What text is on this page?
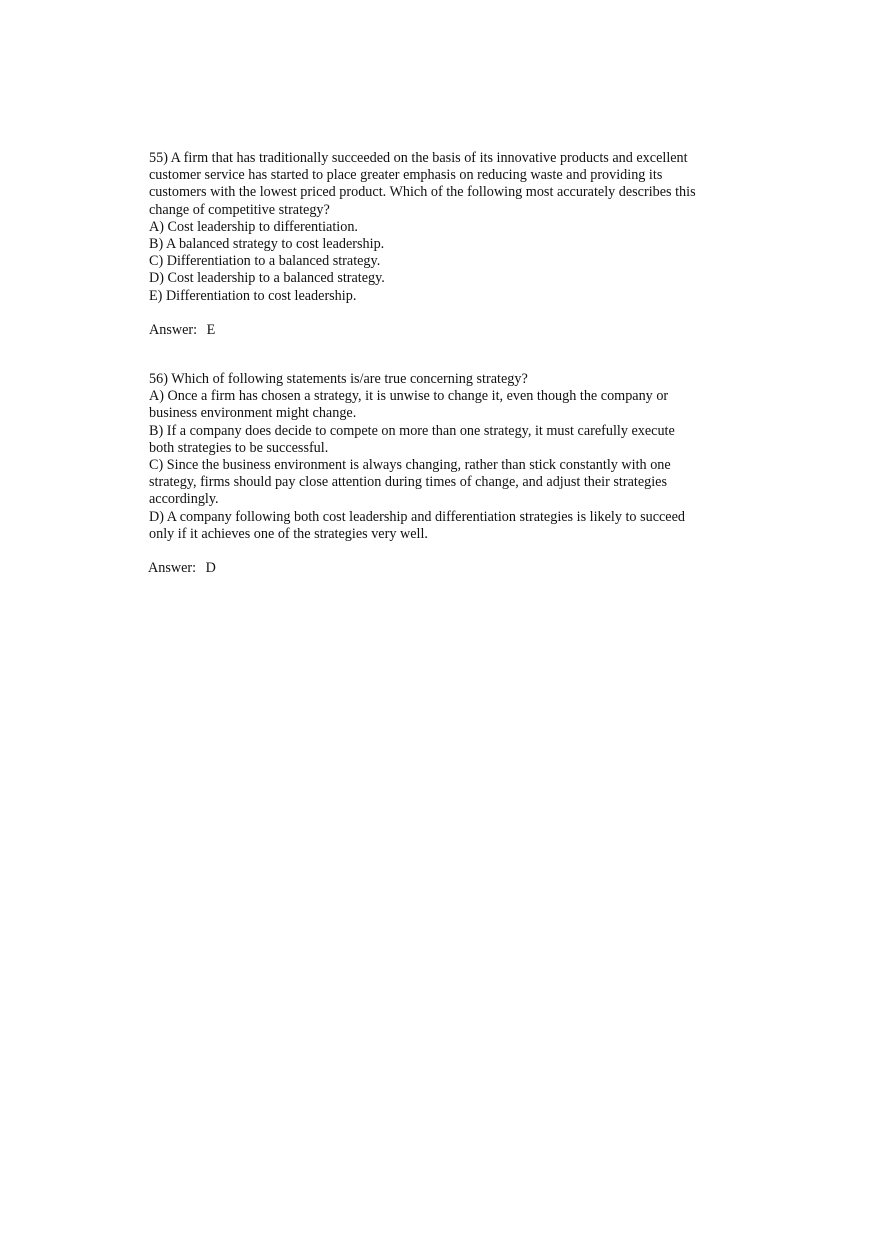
55) A firm that has traditionally succeeded on the basis of its innovative products and excellent
customer service has started to place greater emphasis on reducing waste and providing its
customers with the lowest priced product. Which of the following most accurately describes this
change of competitive strategy?
A) Cost leadership to differentiation.
B) A balanced strategy to cost leadership.
C) Differentiation to a balanced strategy.
D) Cost leadership to a balanced strategy.
E) Differentiation to cost leadership.
Answer: E
56) Which of following statements is/are true concerning strategy?
A) Once a firm has chosen a strategy, it is unwise to change it, even though the company or
business environment might change.
B) If a company does decide to compete on more than one strategy, it must carefully execute
both strategies to be successful.
C) Since the business environment is always changing, rather than stick constantly with one
strategy, firms should pay close attention during times of change, and adjust their strategies
accordingly.
D) A company following both cost leadership and differentiation strategies is likely to succeed
only if it achieves one of the strategies very well.
Answer: D
